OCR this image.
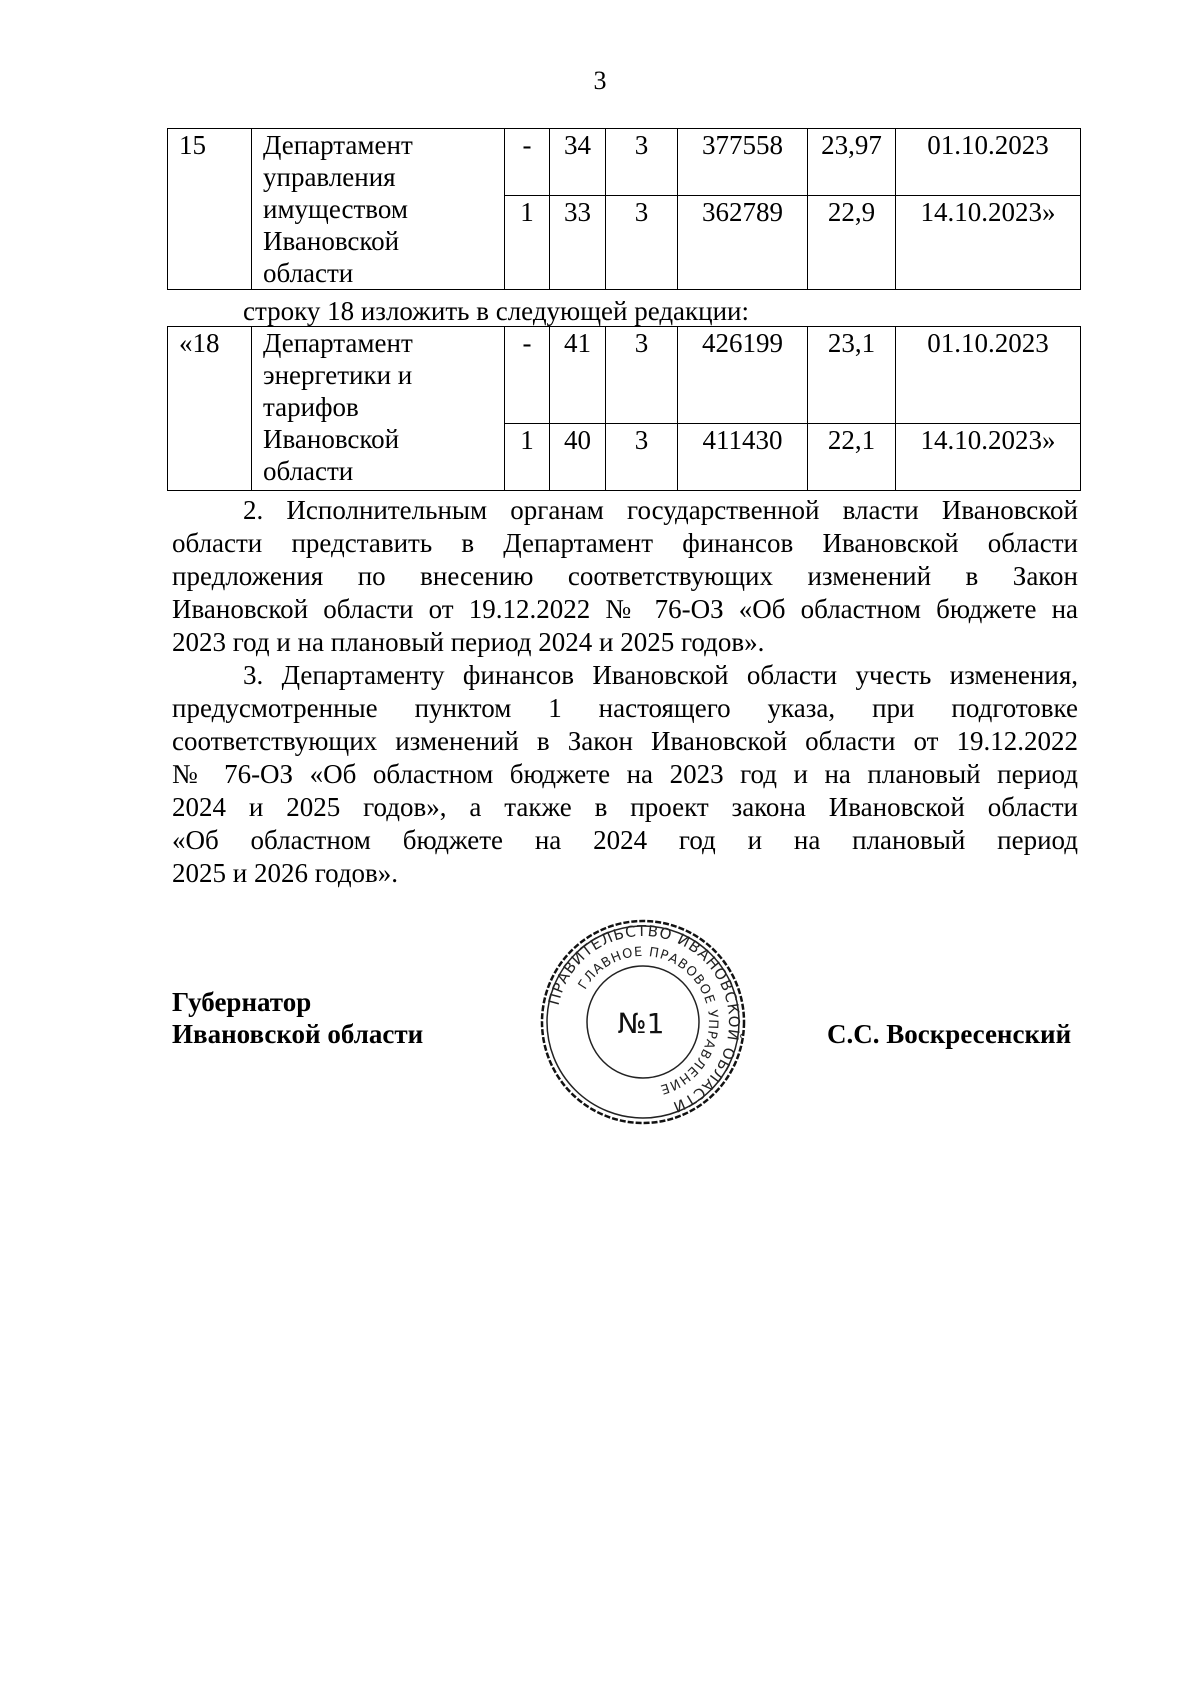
3
15	Департамент
управления
имуществом
Ивановской
области	-	34	3	377558	23,97	01.10.2023
		1	33	3	362789	22,9	14.10.2023»
строку 18 изложить в следующей редакции:
«18	Департамент
энергетики и
тарифов
Ивановской
области	-	41	3	426199	23,1	01.10.2023
		1	40	3	411430	22,1	14.10.2023»
2. Исполнительным органам государственной власти Ивановской
области представить в Департамент финансов Ивановской области
предложения по внесению соответствующих изменений в Закон
Ивановской области от 19.12.2022 № 76-ОЗ «Об областном бюджете на
2023 год и на плановый период 2024 и 2025 годов».
3. Департаменту финансов Ивановской области учесть изменения,
предусмотренные пунктом 1 настоящего указа, при подготовке
соответствующих изменений в Закон Ивановской области от 19.12.2022
№ 76-ОЗ «Об областном бюджете на 2023 год и на плановый период
2024 и 2025 годов», а также в проект закона Ивановской области
«Об областном бюджете на 2024 год и на плановый период
2025 и 2026 годов».
Губернатор
Ивановской области	С.С. Воскресенский
ПРАВИТЕЛЬСТВО ИВАНОВСКОЙ ОБЛАСТИ
ГЛАВНОЕ ПРАВОВОЕ УПРАВЛЕНИЕ
№1
